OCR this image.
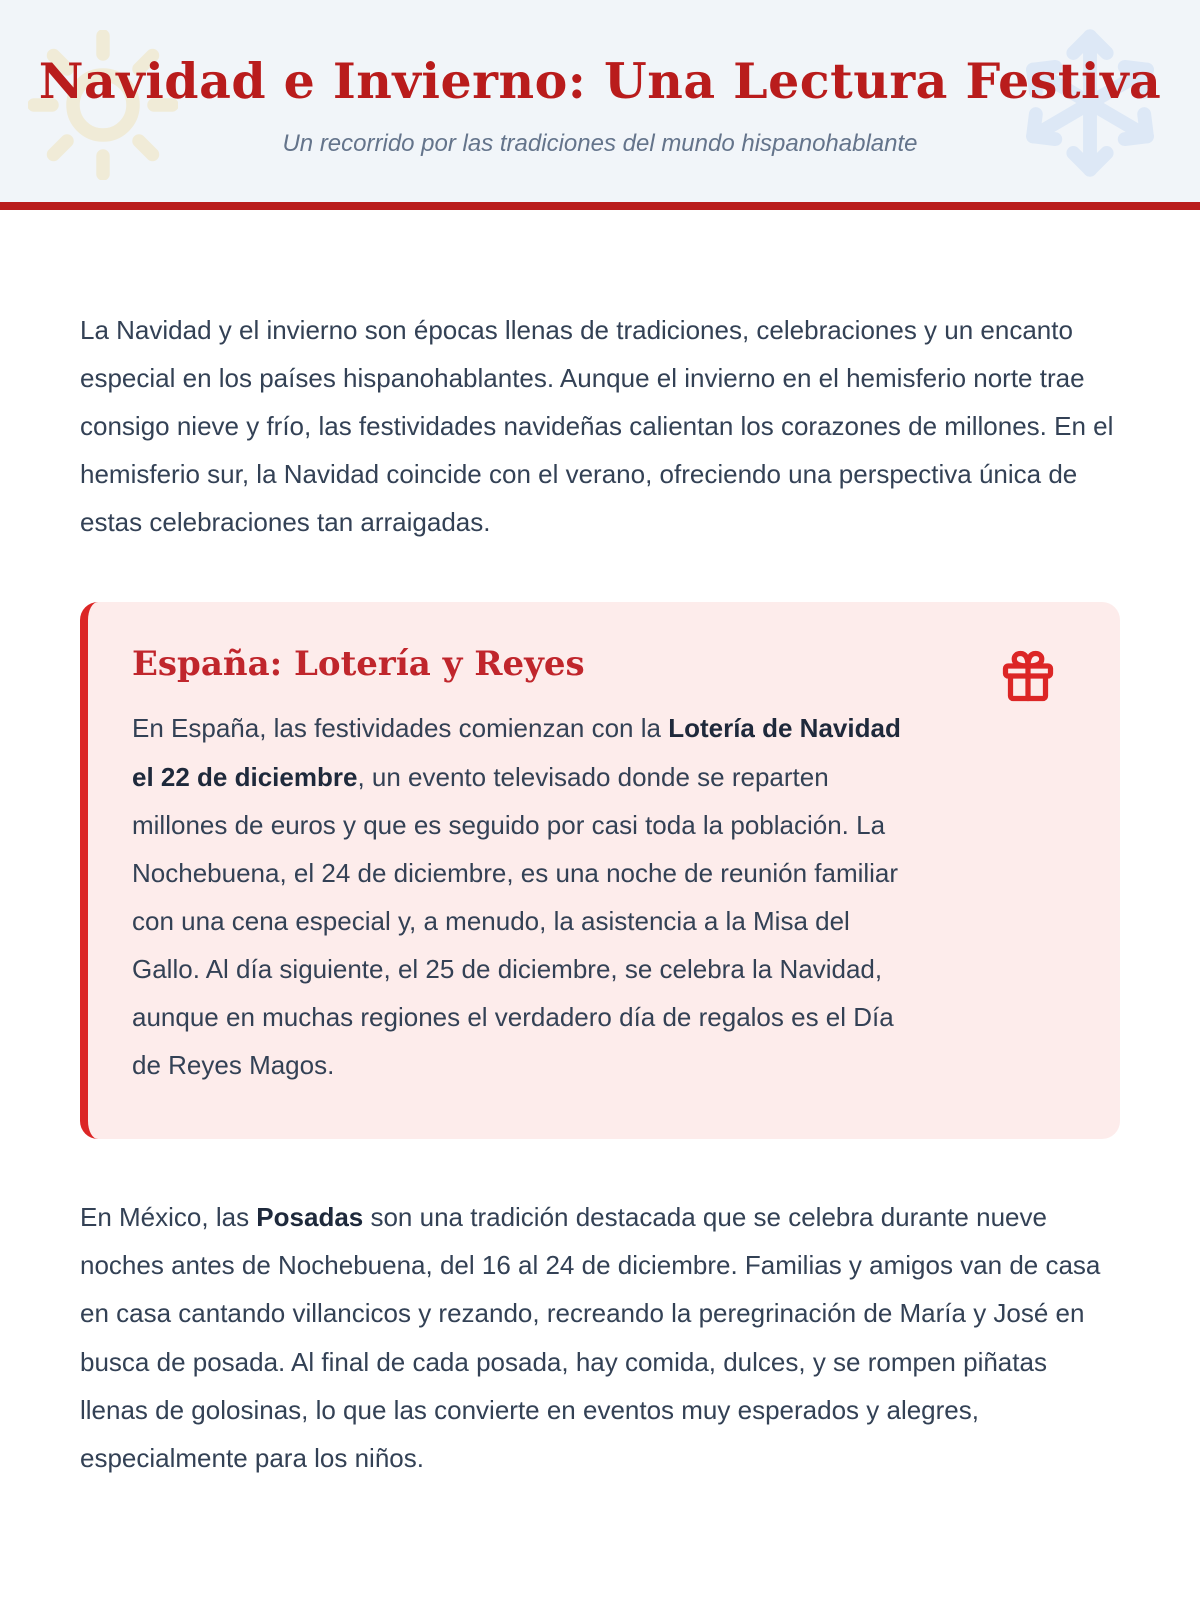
Navidad e Invierno: Una Lectura Festiva

Un recorrido por las tradiciones del mundo hispanohablante

La Navidad y el invierno son épocas llenas de tradiciones, celebraciones y un encanto especial en los países hispanohablantes. Aunque el invierno en el hemisferio norte trae consigo nieve y frío, las festividades navideñas calientan los corazones de millones. En el hemisferio sur, la Navidad coincide con el verano, ofreciendo una perspectiva única de estas celebraciones tan arraigadas.

España: Lotería y Reyes

En España, las festividades comienzan con la Lotería de Navidad el 22 de diciembre, un evento televisado donde se reparten millones de euros y que es seguido por casi toda la población. La Nochebuena, el 24 de diciembre, es una noche de reunión familiar con una cena especial y, a menudo, la asistencia a la Misa del Gallo. Al día siguiente, el 25 de diciembre, se celebra la Navidad, aunque en muchas regiones el verdadero día de regalos es el Día de Reyes Magos.

En México, las Posadas son una tradición destacada que se celebra durante nueve noches antes de Nochebuena, del 16 al 24 de diciembre. Familias y amigos van de casa en casa cantando villancicos y rezando, recreando la peregrinación de María y José en busca de posada. Al final de cada posada, hay comida, dulces, y se rompen piñatas llenas de golosinas, lo que las convierte en eventos muy esperados y alegres, especialmente para los niños.
